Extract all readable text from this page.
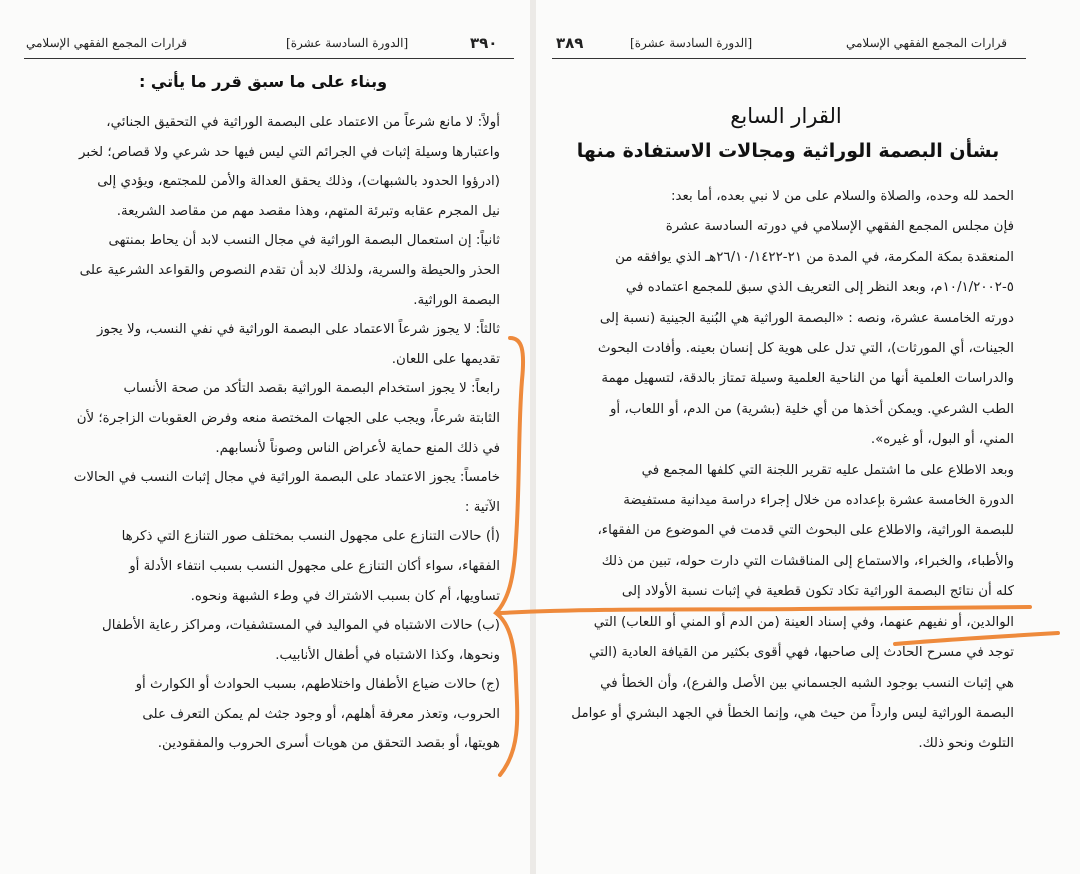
قرارات المجمع الفقهي الإسلامي	[الدورة السادسة عشرة]	٣٩٠
وبناء على ما سبق قرر ما يأتي :

أولاً: لا مانع شرعاً من الاعتماد على البصمة الوراثية في التحقيق الجنائي،

واعتبارها وسيلة إثبات في الجرائم التي ليس فيها حد شرعي ولا قصاص؛ لخبر

(ادرؤوا الحدود بالشبهات)، وذلك يحقق العدالة والأمن للمجتمع، ويؤدي إلى

نيل المجرم عقابه وتبرئة المتهم، وهذا مقصد مهم من مقاصد الشريعة.

ثانياً: إن استعمال البصمة الوراثية في مجال النسب لابد أن يحاط بمنتهى

الحذر والحيطة والسرية، ولذلك لابد أن تقدم النصوص والقواعد الشرعية على

البصمة الوراثية.

ثالثاً: لا يجوز شرعاً الاعتماد على البصمة الوراثية في نفي النسب، ولا يجوز

تقديمها على اللعان.

رابعاً: لا يجوز استخدام البصمة الوراثية بقصد التأكد من صحة الأنساب

الثابتة شرعاً، ويجب على الجهات المختصة منعه وفرض العقوبات الزاجرة؛ لأن

في ذلك المنع حماية لأعراض الناس وصوناً لأنسابهم.

خامساً: يجوز الاعتماد على البصمة الوراثية في مجال إثبات النسب في الحالات

الآتية :

(أ) حالات التنازع على مجهول النسب بمختلف صور التنازع التي ذكرها

الفقهاء، سواء أكان التنازع على مجهول النسب بسبب انتفاء الأدلة أو

تساويها، أم كان بسبب الاشتراك في وطء الشبهة ونحوه.

(ب) حالات الاشتباه في المواليد في المستشفيات، ومراكز رعاية الأطفال

ونحوها، وكذا الاشتباه في أطفال الأنابيب.

(ج) حالات ضياع الأطفال واختلاطهم، بسبب الحوادث أو الكوارث أو

الحروب، وتعذر معرفة أهلهم، أو وجود جثث لم يمكن التعرف على

هويتها، أو بقصد التحقق من هويات أسرى الحروب والمفقودين.

قرارات المجمع الفقهي الإسلامي
[الدورة السادسة عشرة]
٣٨٩
القرار السابع
بشأن البصمة الوراثية ومجالات الاستفادة منها

الحمد لله وحده، والصلاة والسلام على من لا نبي بعده، أما بعد:

فإن مجلس المجمع الفقهي الإسلامي في دورته السادسة عشرة

المنعقدة بمكة المكرمة، في المدة من ٢١-٢٦/١٠/١٤٢٢هـ الذي يوافقه من

٥-١٠/١/٢٠٠٢م، وبعد النظر إلى التعريف الذي سبق للمجمع اعتماده في

دورته الخامسة عشرة، ونصه : «البصمة الوراثية هي البُنية الجينية (نسبة إلى

الجينات، أي المورثات)، التي تدل على هوية كل إنسان بعينه. وأفادت البحوث

والدراسات العلمية أنها من الناحية العلمية وسيلة تمتاز بالدقة، لتسهيل مهمة

الطب الشرعي. ويمكن أخذها من أي خلية (بشرية) من الدم، أو اللعاب، أو

المني، أو البول، أو غيره».

وبعد الاطلاع على ما اشتمل عليه تقرير اللجنة التي كلفها المجمع في

الدورة الخامسة عشرة بإعداده من خلال إجراء دراسة ميدانية مستفيضة

للبصمة الوراثية، والاطلاع على البحوث التي قدمت في الموضوع من الفقهاء،

والأطباء، والخبراء، والاستماع إلى المناقشات التي دارت حوله، تبين من ذلك

كله أن نتائج البصمة الوراثية تكاد تكون قطعية في إثبات نسبة الأولاد إلى

الوالدين، أو نفيهم عنهما، وفي إسناد العينة (من الدم أو المني أو اللعاب) التي

توجد في مسرح الحادث إلى صاحبها، فهي أقوى بكثير من القيافة العادية (التي

هي إثبات النسب بوجود الشبه الجسماني بين الأصل والفرع)، وأن الخطأ في

البصمة الوراثية ليس وارداً من حيث هي، وإنما الخطأ في الجهد البشري أو عوامل

التلوث ونحو ذلك.
